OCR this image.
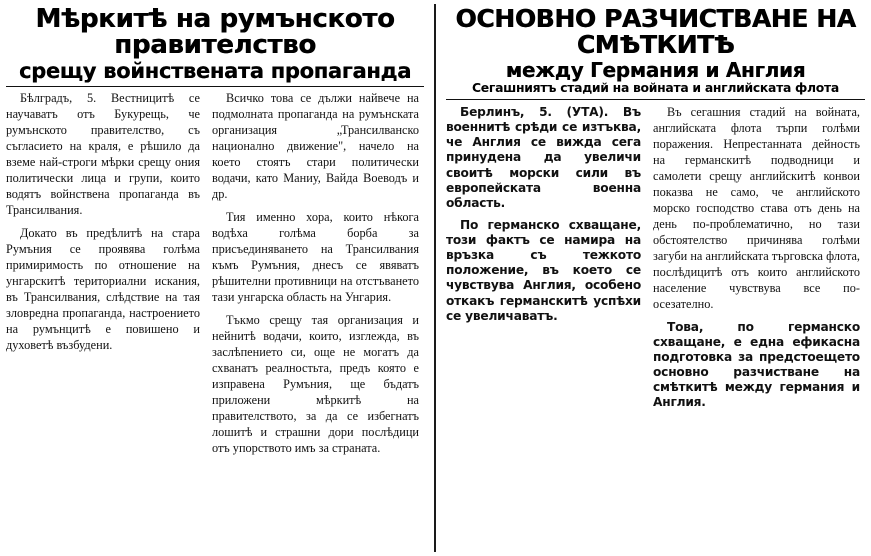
Мѣркитѣ на румънското правителство
срещу войнствената пропаганда

Бѣлградъ, 5. Вестницитѣ се научаватъ отъ Букурещь, че румънското правителство, съ съгласието на краля, е рѣшило да вземе най-строги мѣрки срещу ония политически лица и групи, които водятъ войнствена пропаганда въ Трансилвания.

Докато въ предѣлитѣ на стара Румъния се проявява голѣма примиримость по отношение на унгарскитѣ териториални искания, въ Трансилвания, слѣдствие на тая зловредна пропаганда, настроението на румънцитѣ е повишено и духоветѣ възбудени.

Всичко това се дължи найвече на подмолната пропаганда на румънската организация „Трансилванско национално движение", начело на което стоятъ стари политически водачи, като Маниу, Вайда Воеводъ и др.

Тия именно хора, които нѣкога водѣха голѣма борба за присъединяването на Трансилвания къмъ Румъния, днесъ се явяватъ рѣшителни противници на отстъването тази унгарска область на Унгария.

Тъкмо срещу тая организация и нейнитѣ водачи, които, изглежда, въ заслѣпението си, още не могатъ да схванатъ реалностьта, предъ която е изправена Румъния, ще бъдатъ приложени мѣркитѣ на правителството, за да се избегнатъ лошитѣ и страшни дори послѣдици отъ упорството имъ за страната.

ОСНОВНО РАЗЧИСТВАНЕ НА СМѢТКИТѢ
между Германия и Англия
Сегашниятъ стадий на войната и английската флота

Берлинъ, 5. (УТА). Въ военнитѣ срѣди се изтъква, че Англия се вижда сега принудена да увеличи своитѣ морски сили въ европейската военна область.

По германско схващане, този фактъ се намира на връзка съ тежкото положение, въ което се чувствува Англия, особено откакъ германскитѣ успѣхи се увеличаватъ.

Въ сегашния стадий на войната, английската флота търпи голѣми поражения. Непрестанната дейность на германскитѣ подводници и самолети срещу английскитѣ конвои показва не само, че английското морско господство става отъ день на день по-проблематично, но тази обстоятелство причинява голѣми загуби на английската търговска флота, послѣдицитѣ отъ които английското население чувствува все по-осезателно.

Това, по германско схващане, е една ефикасна подготовка за предстоещето основно разчистване на смѣткитѣ между германия и Англия.
